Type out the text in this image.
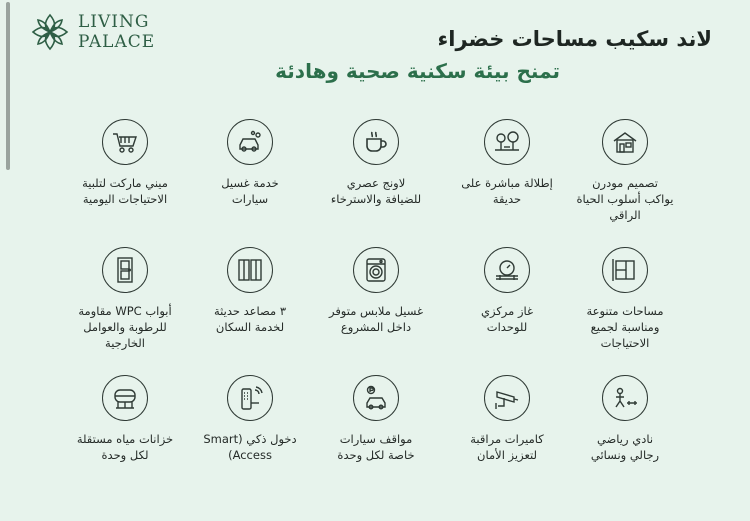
LIVING
PALACE	لاند سكيب مساحات خضراء
تمنح بيئة سكنية صحية وهادئة
تصميم مودرن
يواكب أسلوب الحياة
الراقي
إطلالة مباشرة على
حديقة
لاونج عصري
للضيافة والاسترخاء
خدمة غسيل
سيارات
ميني ماركت لتلبية
الاحتياجات اليومية
مساحات متنوعة
ومناسبة لجميع
الاحتياجات
غاز مركزي
للوحدات
غسيل ملابس متوفر
داخل المشروع
٣ مصاعد حديثة
لخدمة السكان
أبواب WPC مقاومة
للرطوبة والعوامل
الخارجية
نادي رياضي
رجالي ونسائي
كاميرات مراقبة
لتعزيز الأمان
مواقف سيارات
خاصة لكل وحدة
دخول ذكي (Smart
Access)
خزانات مياه مستقلة
لكل وحدة
